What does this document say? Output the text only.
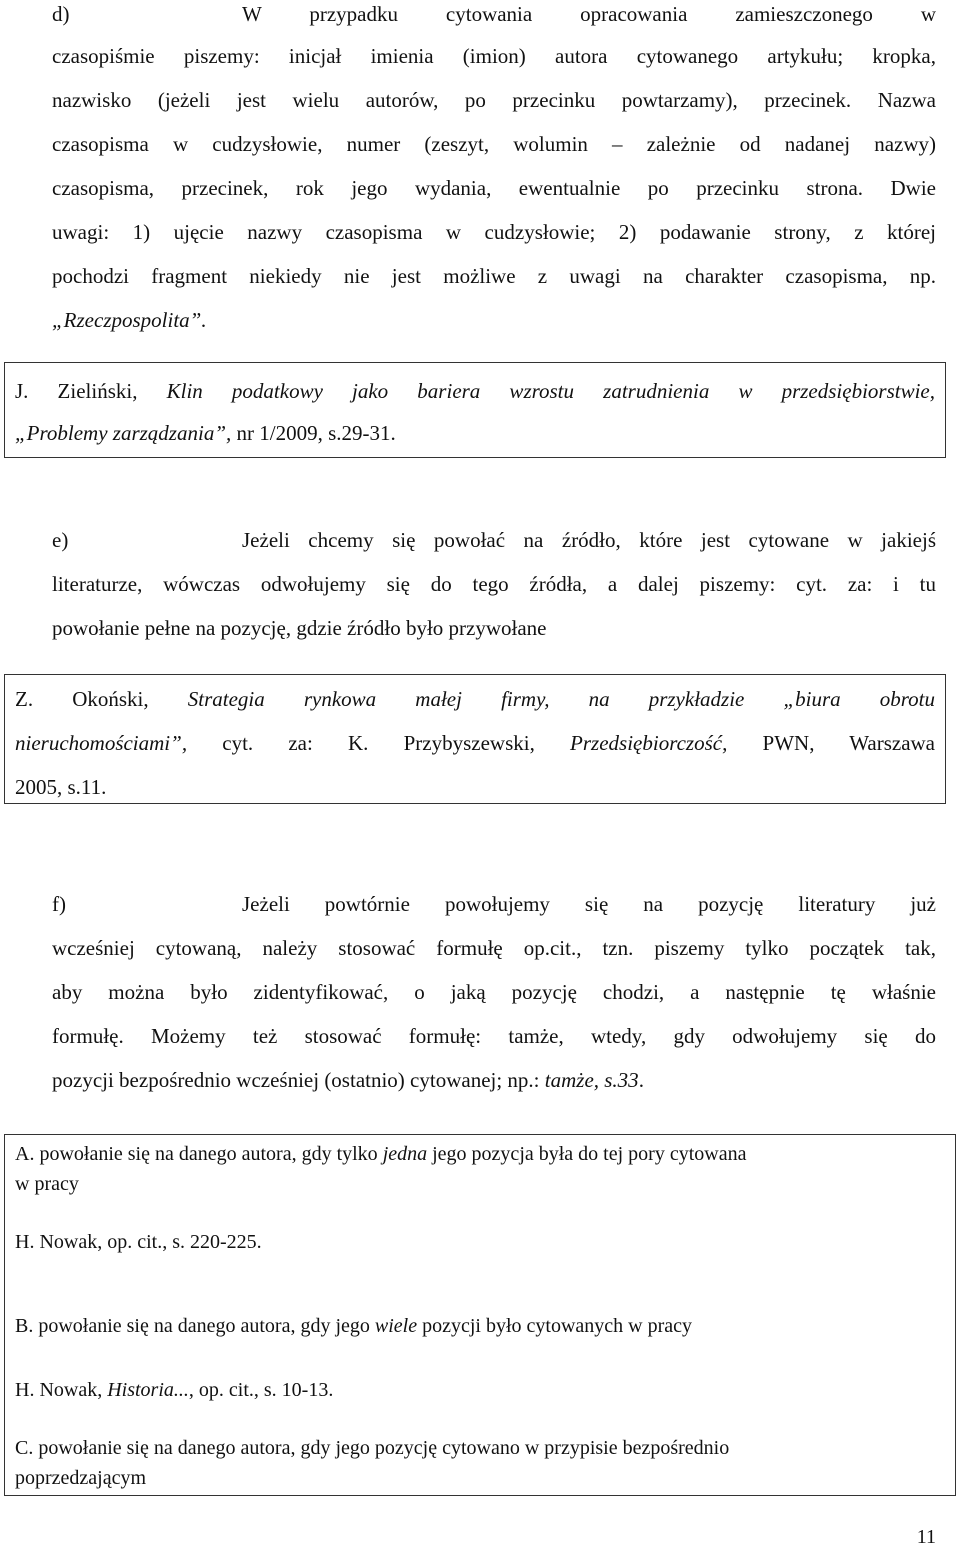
d)	W przypadku cytowania opracowania zamieszczonego w
czasopiśmie piszemy: inicjał imienia (imion) autora cytowanego artykułu; kropka,
nazwisko (jeżeli jest wielu autorów, po przecinku powtarzamy), przecinek. Nazwa
czasopisma w cudzysłowie, numer (zeszyt, wolumin – zależnie od nadanej nazwy)
czasopisma, przecinek, rok jego wydania, ewentualnie po przecinku strona. Dwie
uwagi: 1) ujęcie nazwy czasopisma w cudzysłowie; 2) podawanie strony, z której
pochodzi fragment niekiedy nie jest możliwe z uwagi na charakter czasopisma, np.
„Rzeczpospolita”.
J. Zieliński, Klin podatkowy jako bariera wzrostu zatrudnienia w przedsiębiorstwie,
„Problemy zarządzania”, nr 1/2009, s.29-31.
e)	Jeżeli chcemy się powołać na źródło, które jest cytowane w jakiejś
literaturze, wówczas odwołujemy się do tego źródła, a dalej piszemy: cyt. za: i tu
powołanie pełne na pozycję, gdzie źródło było przywołane
Z. Okoński, Strategia rynkowa małej firmy, na przykładzie „biura obrotu
nieruchomościami”, cyt. za: K. Przybyszewski, Przedsiębiorczość, PWN, Warszawa
2005, s.11.
f)	Jeżeli powtórnie powołujemy się na pozycję literatury już
wcześniej cytowaną, należy stosować formułę op.cit., tzn. piszemy tylko początek tak,
aby można było zidentyfikować, o jaką pozycję chodzi, a następnie tę właśnie
formułę. Możemy też stosować formułę: tamże, wtedy, gdy odwołujemy się do
pozycji bezpośrednio wcześniej (ostatnio) cytowanej; np.: tamże, s.33.
A. powołanie się na danego autora, gdy tylko jedna jego pozycja była do tej pory cytowana
w pracy
H. Nowak, op. cit., s. 220-225.
B. powołanie się na danego autora, gdy jego wiele pozycji było cytowanych w pracy
H. Nowak, Historia..., op. cit., s. 10-13.
C. powołanie się na danego autora, gdy jego pozycję cytowano w przypisie bezpośrednio
poprzedzającym
11
